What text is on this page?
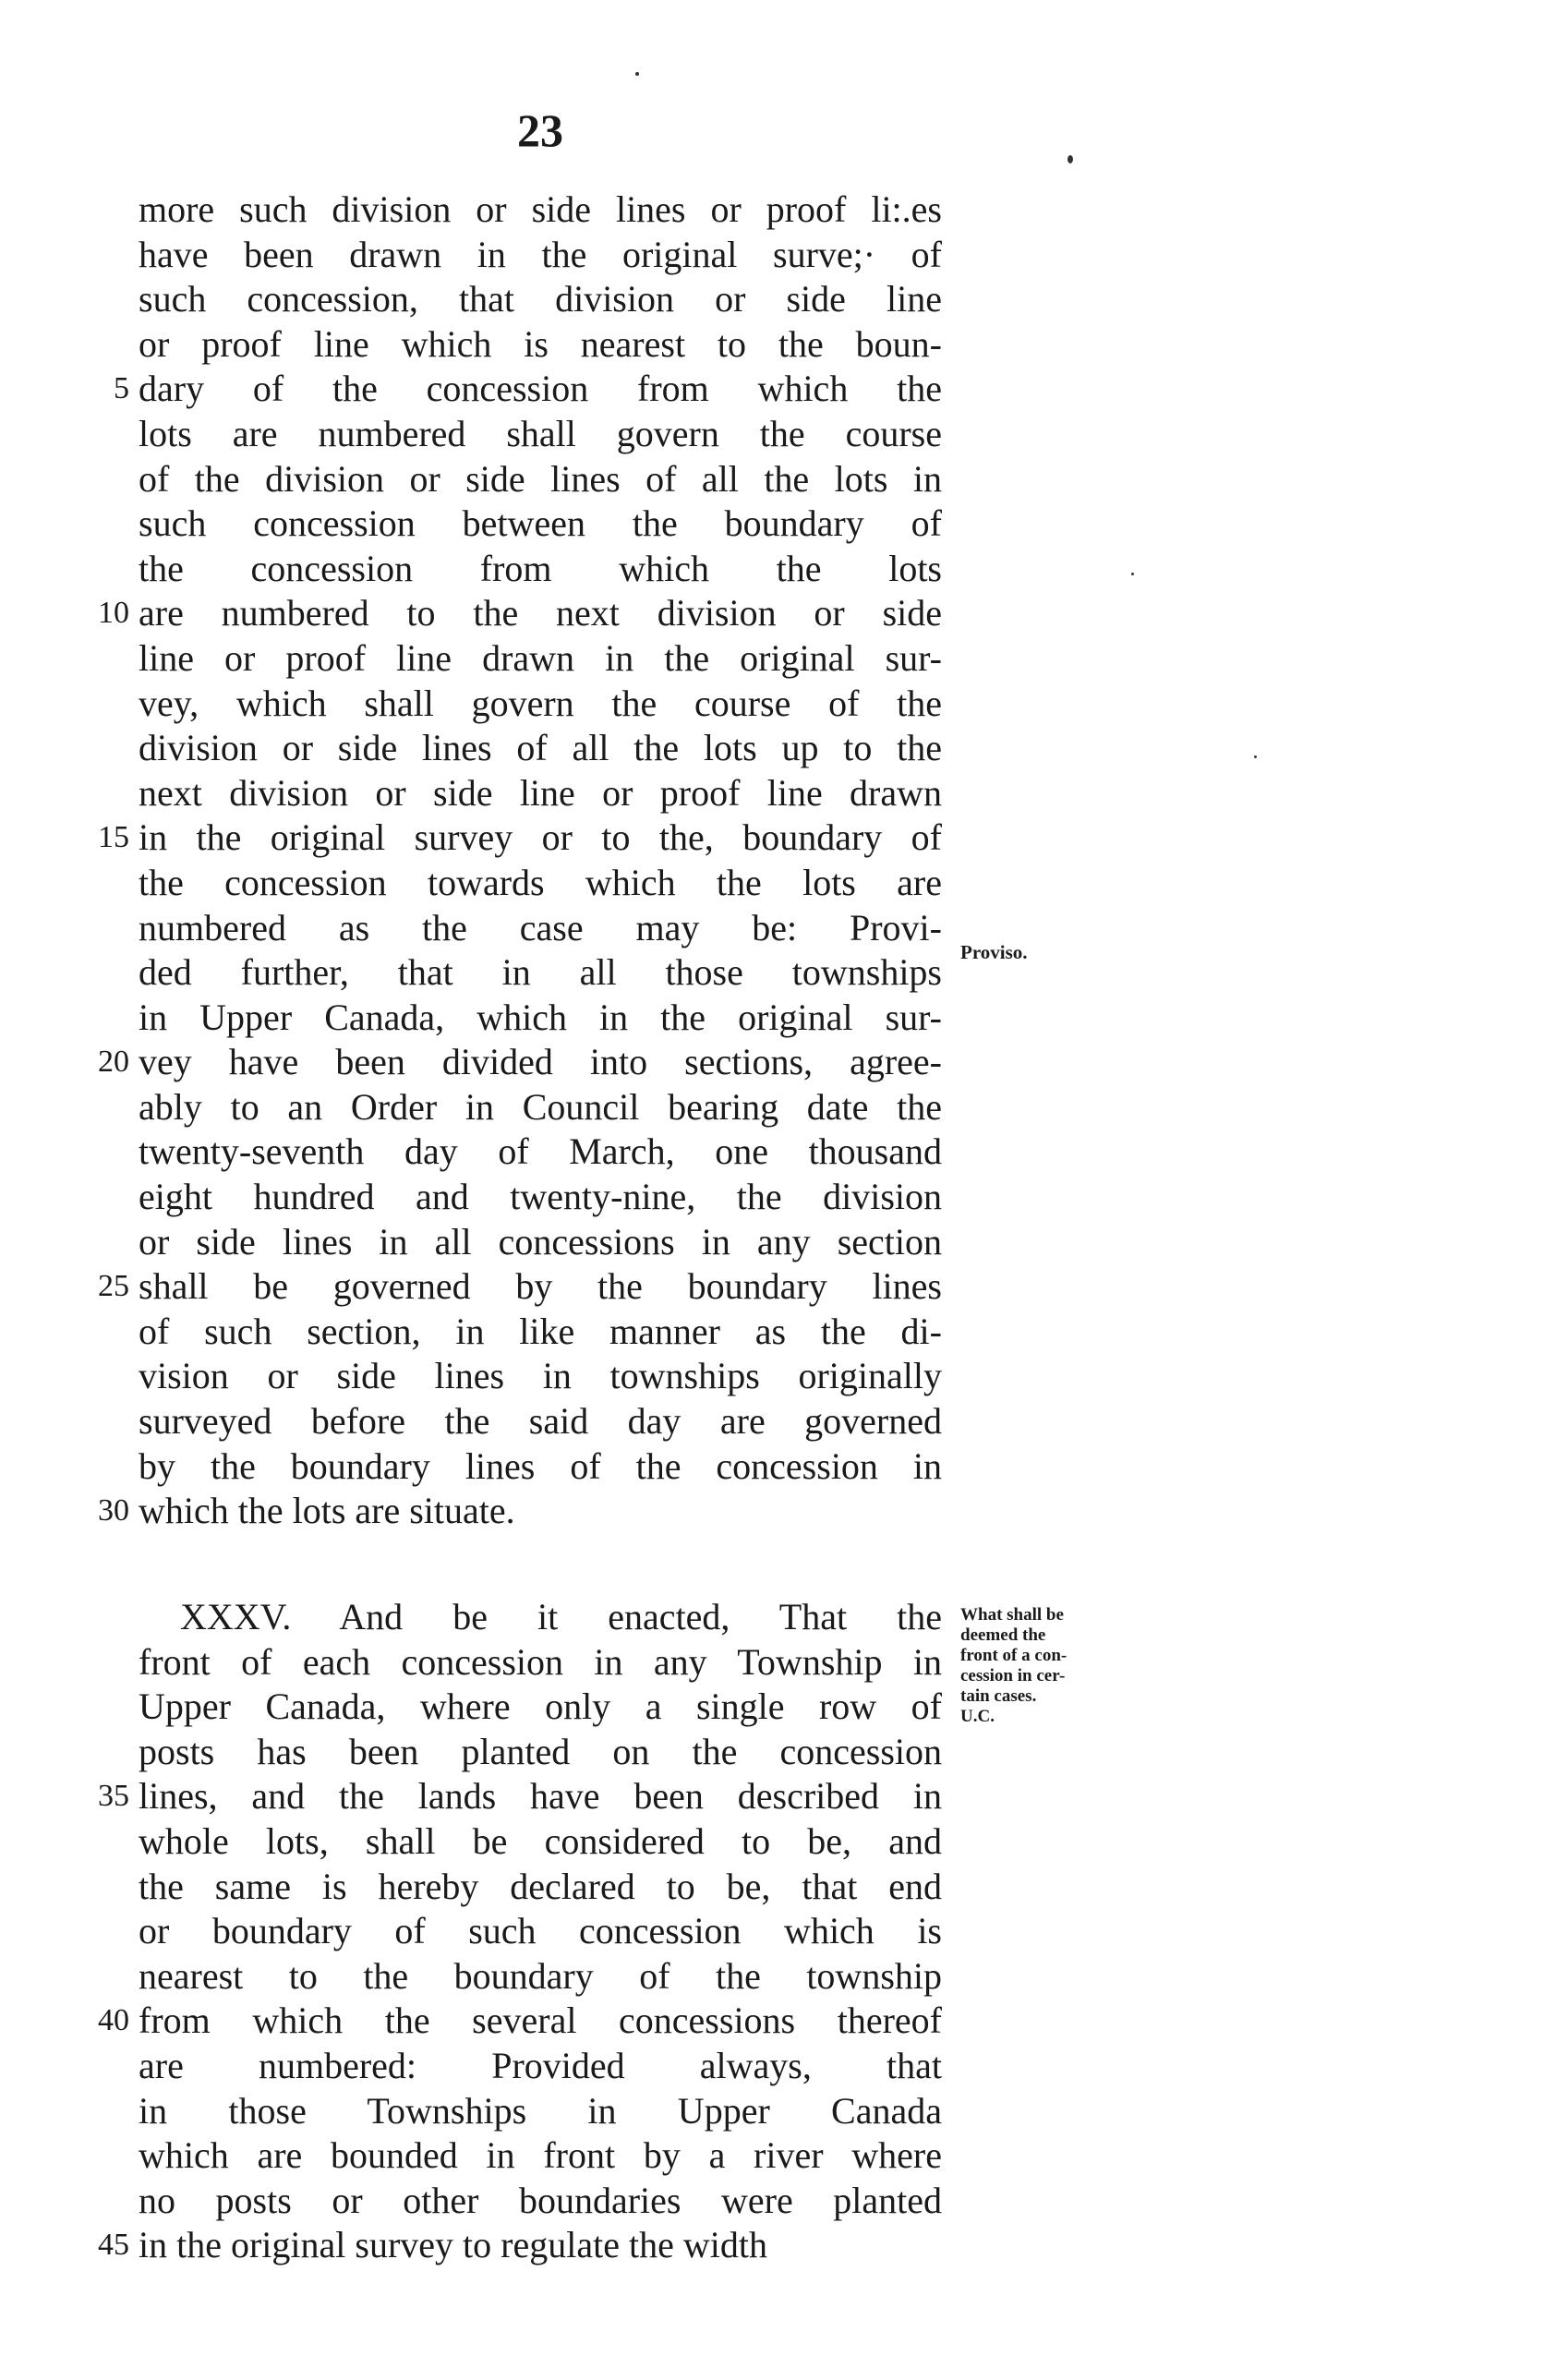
23
more such division or side lines or proof li:.es
have been drawn in the original surve;· of
such concession, that division or side line
or proof line which is nearest to the boun-
5 dary of the concession from which the
lots are numbered shall govern the course
of the division or side lines of all the lots in
such concession between the boundary of
the concession from which the lots
10 are numbered to the next division or side
line or proof line drawn in the original sur-
vey, which shall govern the course of the
division or side lines of all the lots up to the
next division or side line or proof line drawn
15 in the original survey or to the, boundary of
the concession towards which the lots are
numbered as the case may be: Provi-
ded further, that in all those townships
in Upper Canada, which in the original sur-
20 vey have been divided into sections, agree-
ably to an Order in Council bearing date the
twenty-seventh day of March, one thousand
eight hundred and twenty-nine, the division
or side lines in all concessions in any section
25 shall be governed by the boundary lines
of such section, in like manner as the di-
vision or side lines in townships originally
surveyed before the said day are governed
by the boundary lines of the concession in
30 which the lots are situate.
Proviso.
XXXV. And be it enacted, That the
front of each concession in any Township in
Upper Canada, where only a single row of
posts has been planted on the concession
35 lines, and the lands have been described in
whole lots, shall be considered to be, and
the same is hereby declared to be, that end
or boundary of such concession which is
nearest to the boundary of the township
40 from which the several concessions thereof
are numbered: Provided always, that
in those Townships in Upper Canada
which are bounded in front by a river where
no posts or other boundaries were planted
45 in the original survey to regulate the width
What shall be
deemed the
front of a con-
cession in cer-
tain cases.
U.C.
